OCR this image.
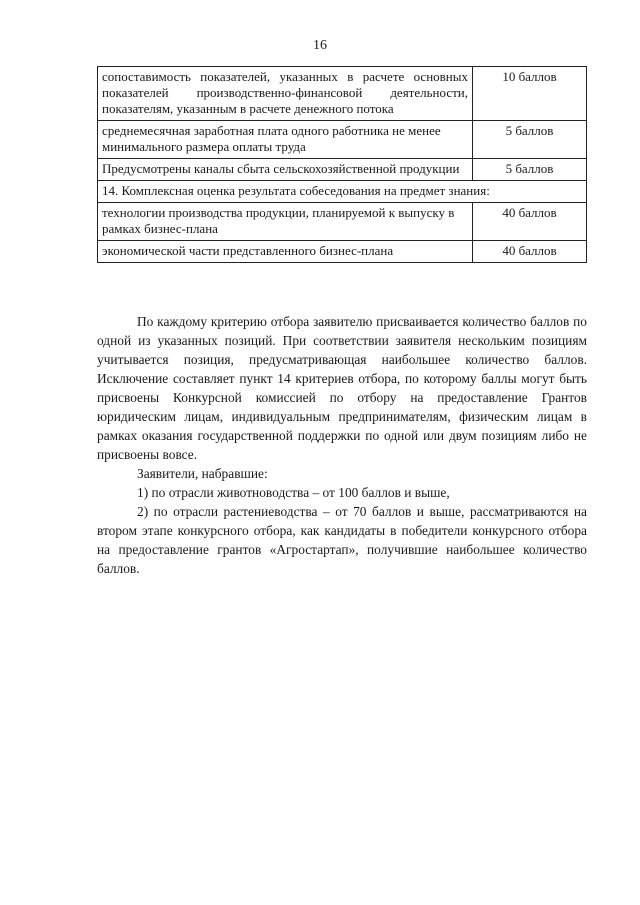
16
сопоставимость показателей, указанных в расчете основных показателей производственно-финансовой деятельности, показателям, указанным в расчете денежного потока	10 баллов
среднемесячная заработная плата одного работника не менее минимального размера оплаты труда	5 баллов
Предусмотрены каналы сбыта сельскохозяйственной продукции	5 баллов
14. Комплексная оценка результата собеседования на предмет знания:	
технологии производства продукции, планируемой к выпуску в рамках бизнес-плана	40 баллов
экономической части представленного бизнес-плана	40 баллов

По каждому критерию отбора заявителю присваивается количество баллов по одной из указанных позиций. При соответствии заявителя нескольким позициям учитывается позиция, предусматривающая наибольшее количество баллов. Исключение составляет пункт 14 критериев отбора, по которому баллы могут быть присвоены Конкурсной комиссией по отбору на предоставление Грантов юридическим лицам, индивидуальным предпринимателям, физическим лицам в рамках оказания государственной поддержки по одной или двум позициям либо не присвоены вовсе.

Заявители, набравшие:

1) по отрасли животноводства – от 100 баллов и выше,

2) по отрасли растениеводства – от 70 баллов и выше, рассматриваются на втором этапе конкурсного отбора, как кандидаты в победители конкурсного отбора на предоставление грантов «Агростартап», получившие наибольшее количество баллов.
